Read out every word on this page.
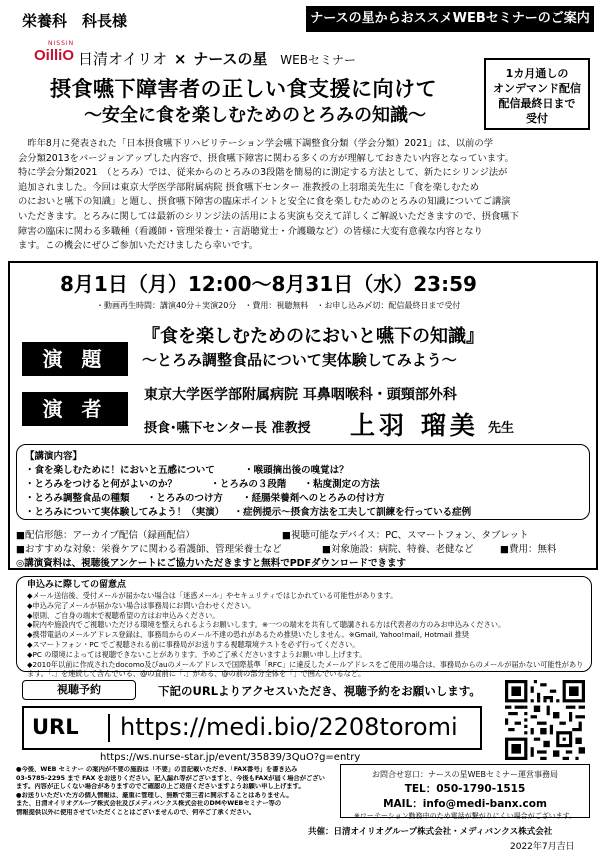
栄養科　科長様	ナースの星からおススメWEBセミナーのご案内
NISSIN
OilliO 日清オイリオ × ナースの星 WEBセミナー
摂食嚥下障害者の正しい食支援に向けて
～安全に食を楽しむためのとろみの知識～
1カ月通しの
オンデマンド配信
配信最終日まで
受付
　昨年8月に発表された「日本摂食嚥下リハビリテーション学会嚥下調整食分類（学会分類）2021」は、以前の学
会分類2013をバージョンアップした内容で、摂食嚥下障害に関わる多くの方が理解しておきたい内容となっています。
特に学会分類2021　（とろみ）では、従来からのとろみの3段階を簡易的に測定する方法として、新たにシリンジ法が
追加されました。今回は東京大学医学部附属病院 摂食嚥下センター 准教授の上羽瑠美先生に「食を楽しむため
のにおいと嚥下の知識」と題し、摂食嚥下障害の臨床ポイントと安全に食を楽しむためのとろみの知識についてご講演
いただきます。とろみに関しては最新のシリンジ法の活用による実演も交えて詳しくご解説いただきますので、摂食嚥下
障害の臨床に関わる多職種（看護師・管理栄養士・言語聴覚士・介護職など）の皆様に大変有意義な内容となり
ます。この機会にぜひご参加いただけましたら幸いです。
8月1日（月）12:00～8月31日（水）23:59
・動画再生時間：講演40分＋実演20分　・費用：視聴無料　・お申し込み〆切：配信最終日まで受付
演 題
『食を楽しむためのにおいと嚥下の知識』
～とろみ調整食品について実体験してみよう～
演 者
東京大学医学部附属病院 耳鼻咽喉科・頭頸部外科
摂食･嚥下センター長 准教授 上羽 瑠美 先生
【講演内容】
・食を楽しむために！においと五感について	・喉頭摘出後の嗅覚は？
・とろみをつけると何がよいのか？	・とろみの３段階 ・粘度測定の方法
・とろみ調整食品の種類 ・とろみのつけ方 ・経腸栄養剤へのとろみの付け方
・とろみについて実体験してみよう！（実演） ・症例提示～摂食方法を工夫して訓練を行っている症例
■配信形態：アーカイブ配信（録画配信）	■視聴可能なデバイス：PC、スマートフォン、タブレット
■おすすめな対象：栄養ケアに関わる看護師、管理栄養士など	■対象施設：病院、特養、老健など	■費用：無料
◎講演資料は、視聴後アンケートにご協力いただきますと無料でPDFダウンロードできます
申込みに際しての留意点
◆メール送信後、受付メールが届かない場合は「迷惑メール」やセキュリティではじかれている可能性があります。
◆申込み完了メールが届かない場合は事務局にお問い合わせください。
◆原則、ご自身の端末で視聴希望の方はお申込みください。
◆院内や施設内でご視聴いただける環境を整えられるようお願いします。※一つの端末を共有して聴講される方は代表者の方のみお申込みください。
◆携帯電話のメールアドレス登録は、事務局からのメール不達の恐れがあるため推奨いたしません。※Gmail, Yahoo!mail, Hotmail 推奨
◆スマートフォン・PC でご視聴される前に事務局がお送りする視聴環境テストを必ず行ってください。
◆PC の環境によっては視聴できないことがあります。予めご了承くださいますようお願い申し上げます。
◆2010年以前に作成されたdocomo及びauのメールアドレスで国際基準「RFC」に違反したメールアドレスをご使用の場合は、事務局からのメールが届かない可能性があり
ます。「.」を連続して含んでいる、@の直前に「.」がある、@の前の部分全体を「」で囲んでいるなど。
視聴予約	下記のURLよりアクセスいただき、視聴予約をお願いします。
URL https://medi.bio/2208toromi
https://ws.nurse-star.jp/event/35839/3QuO?g=entry
●今後、WEB セミナー の案内が不要の施設は「不要」の旨記載いただき、「FAX番号」を書き込み
03-5785-2295 まで FAX をお送りください。記入漏れ等がございますと、今後もFAXが届く場合がござい
ます。内容が正しくない場合がありますのでご確認の上ご返信くださいますようお願い申し上げます。
●お送りいただいた方の個人情報は、厳重に管理し、無断で第三者に開示することはありません。
また、日清オイリオグループ株式会社及びメディバンクス株式会社のDMやWEBセミナー等の
情報提供以外に使用させていただくことはございませんので、何卒ご了承ください。
お問合せ窓口：ナースの星WEBセミナー運営事務局
TEL：050-1790-1515
MAIL：info@medi-banx.com
※ローテーション勤務中のため電話が繋がりにくい場合がございます。
共催：日清オイリオグループ株式会社・メディバンクス株式会社
2022年7月吉日
